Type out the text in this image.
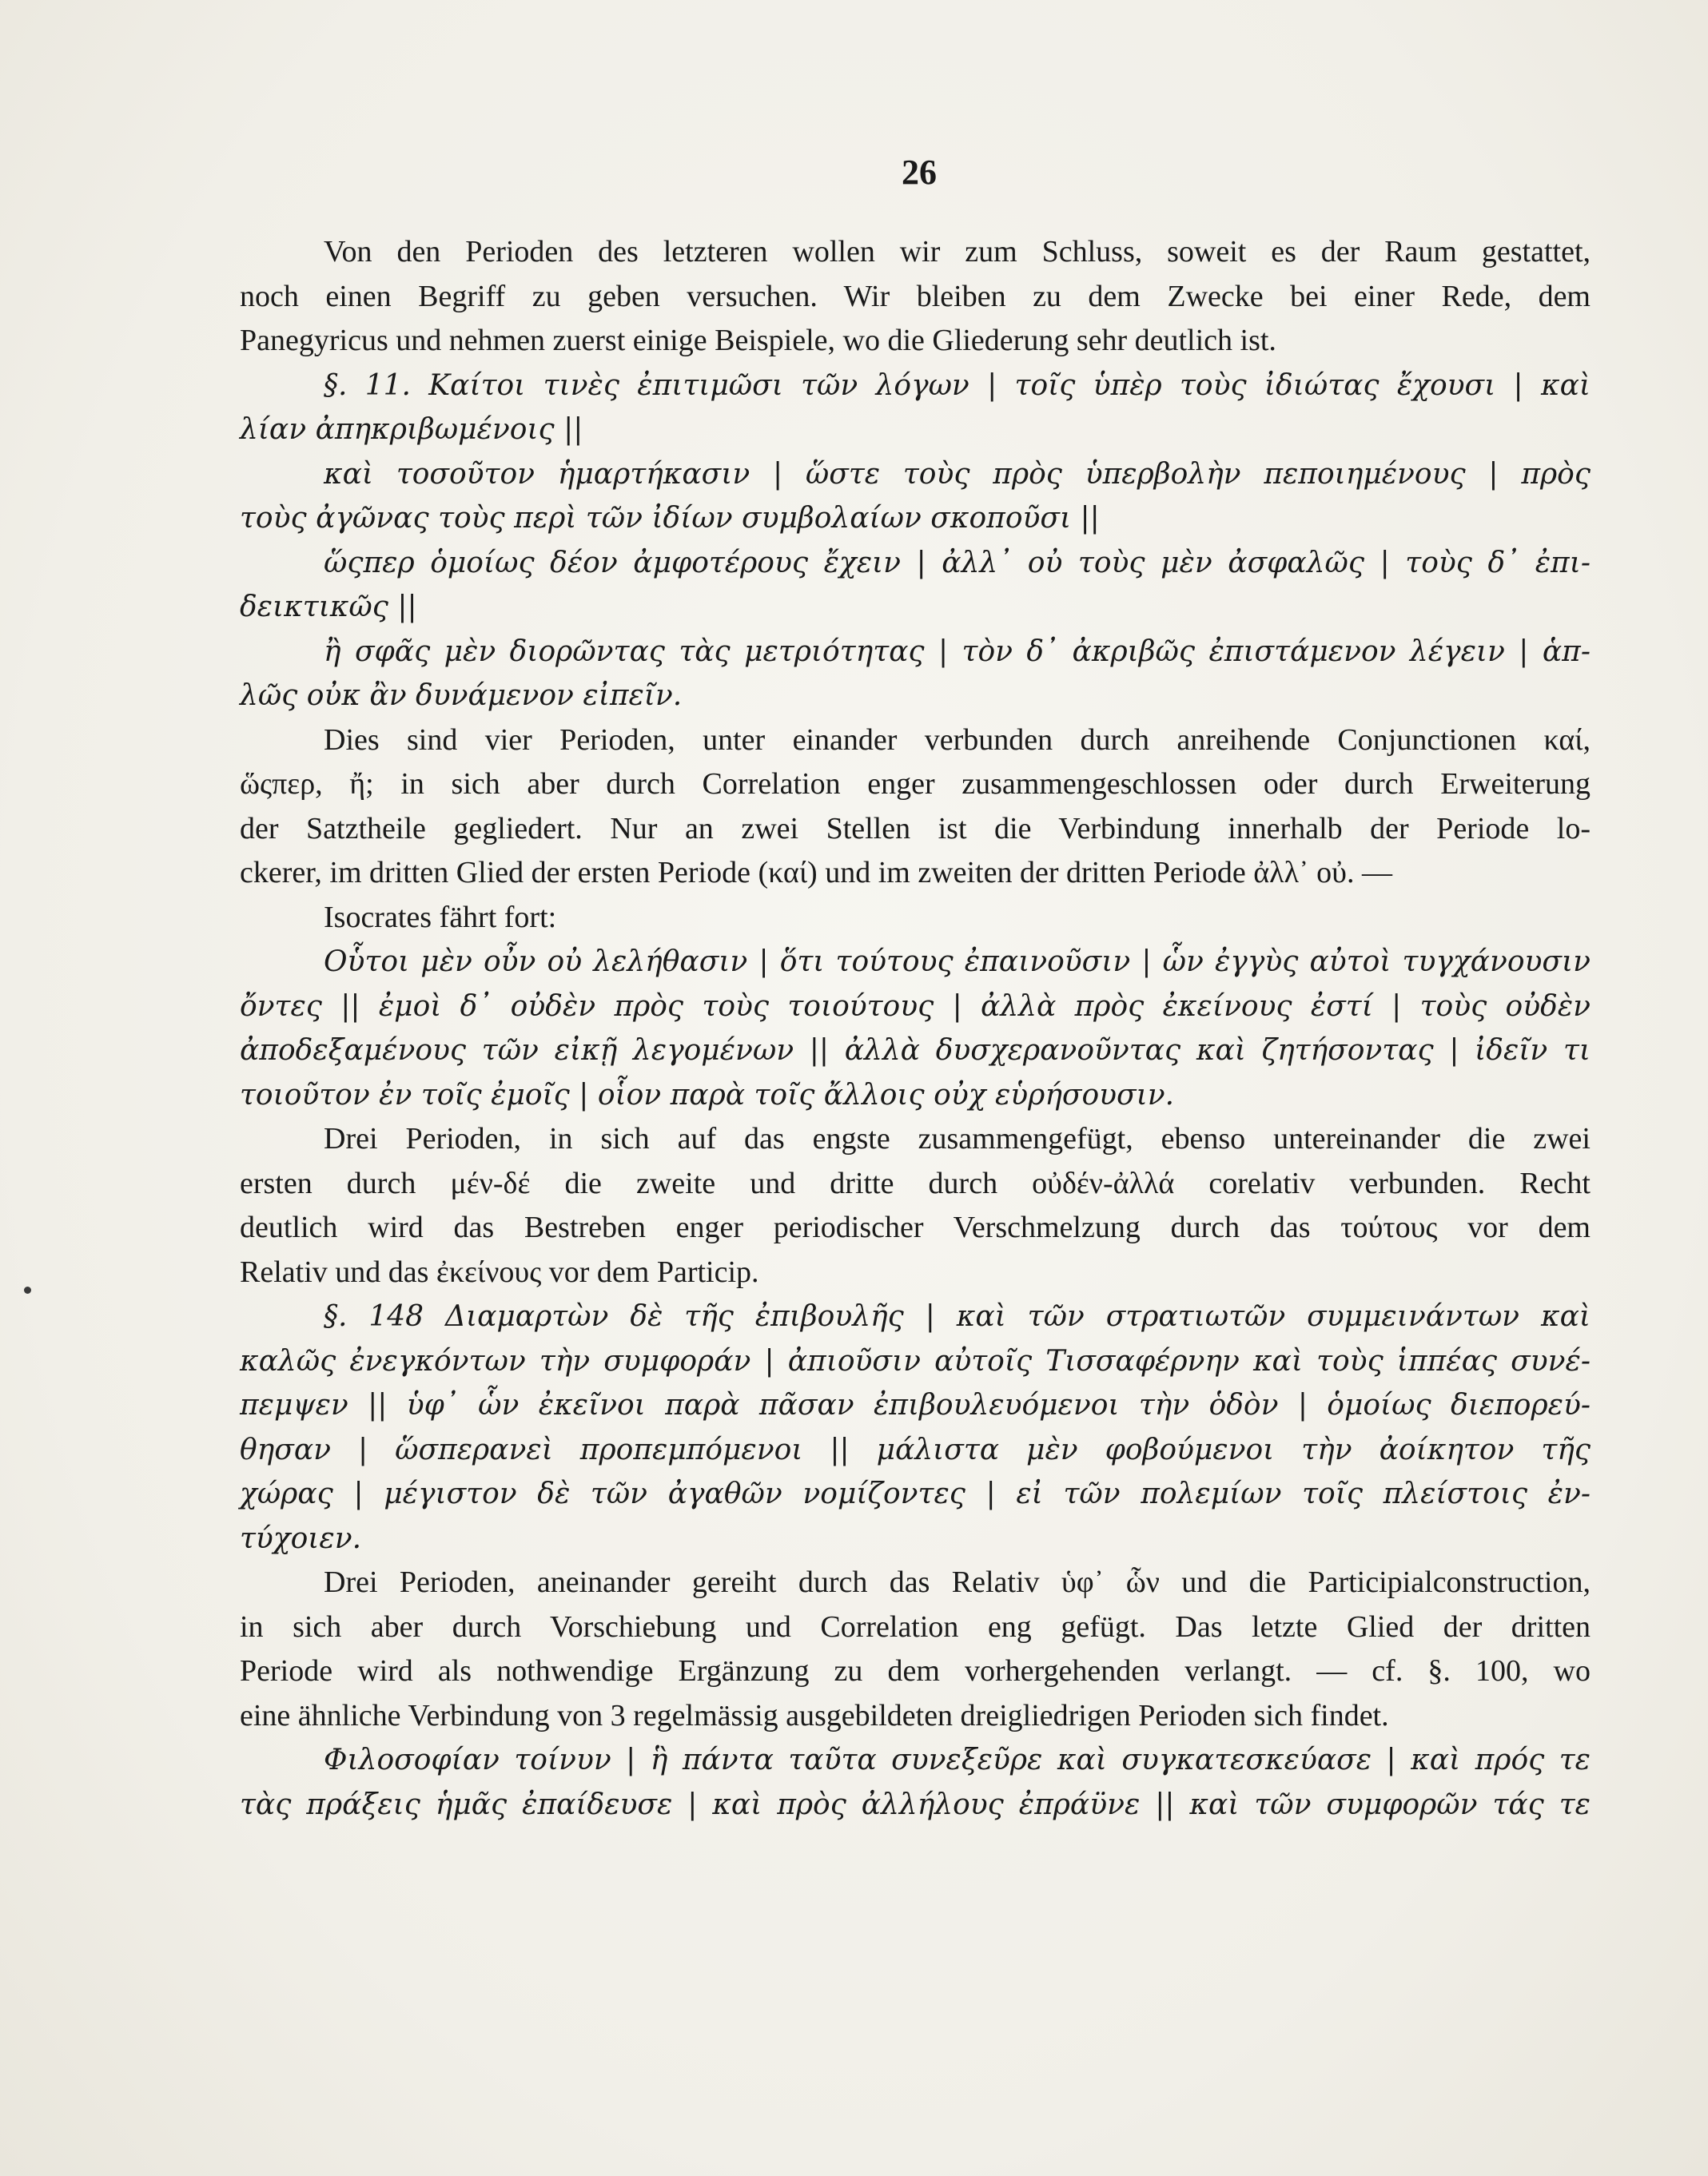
26
Von den Perioden des letzteren wollen wir zum Schluss, soweit es der Raum gestattet,
noch einen Begriff zu geben versuchen. Wir bleiben zu dem Zwecke bei einer Rede, dem
Panegyricus und nehmen zuerst einige Beispiele, wo die Gliederung sehr deutlich ist.
§. 11. Καίτοι τινὲς ἐπιτιμῶσι τῶν λόγων | τοῖς ὑπὲρ τοὺς ἰδιώτας ἔχουσι | καὶ
λίαν ἀπηκριβωμένοις ||
καὶ τοσοῦτον ἡμαρτήκασιν | ὥστε τοὺς πρὸς ὑπερβολὴν πεποιημένους | πρὸς
τοὺς ἀγῶνας τοὺς περὶ τῶν ἰδίων συμβολαίων σκοποῦσι ||
ὥςπερ ὁμοίως δέον ἀμφοτέρους ἔχειν | ἀλλ᾽ οὐ τοὺς μὲν ἀσφαλῶς | τοὺς δ᾽ ἐπι-
δεικτικῶς ||
ἢ σφᾶς μὲν διορῶντας τὰς μετριότητας | τὸν δ᾽ ἀκριβῶς ἐπιστάμενον λέγειν | ἁπ-
λῶς οὐκ ἂν δυνάμενον εἰπεῖν.
Dies sind vier Perioden, unter einander verbunden durch anreihende Conjunctionen καί,
ὥςπερ, ἤ; in sich aber durch Correlation enger zusammengeschlossen oder durch Erweiterung
der Satztheile gegliedert. Nur an zwei Stellen ist die Verbindung innerhalb der Periode lo-
ckerer, im dritten Glied der ersten Periode (καί) und im zweiten der dritten Periode ἀλλ᾽ οὐ. —
Isocrates fährt fort:
Οὗτοι μὲν οὖν οὐ λελήθασιν | ὅτι τούτους ἐπαινοῦσιν | ὧν ἐγγὺς αὐτοὶ τυγχάνουσιν
ὄντες || ἐμοὶ δ᾽ οὐδὲν πρὸς τοὺς τοιούτους | ἀλλὰ πρὸς ἐκείνους ἐστί | τοὺς οὐδὲν
ἀποδεξαμένους τῶν εἰκῇ λεγομένων || ἀλλὰ δυσχερανοῦντας καὶ ζητήσοντας | ἰδεῖν τι
τοιοῦτον ἐν τοῖς ἐμοῖς | οἷον παρὰ τοῖς ἄλλοις οὐχ εὑρήσουσιν.
Drei Perioden, in sich auf das engste zusammengefügt, ebenso untereinander die zwei
ersten durch μέν-δέ die zweite und dritte durch οὐδέν-ἀλλά corelativ verbunden. Recht
deutlich wird das Bestreben enger periodischer Verschmelzung durch das τούτους vor dem
Relativ und das ἐκείνους vor dem Particip.
§. 148 Διαμαρτὼν δὲ τῆς ἐπιβουλῆς | καὶ τῶν στρατιωτῶν συμμεινάντων καὶ
καλῶς ἐνεγκόντων τὴν συμφοράν | ἀπιοῦσιν αὐτοῖς Τισσαφέρνην καὶ τοὺς ἱππέας συνέ-
πεμψεν || ὑφ᾽ ὧν ἐκεῖνοι παρὰ πᾶσαν ἐπιβουλευόμενοι τὴν ὁδὸν | ὁμοίως διεπορεύ-
θησαν | ὥσπερανεὶ προπεμπόμενοι || μάλιστα μὲν φοβούμενοι τὴν ἀοίκητον τῆς
χώρας | μέγιστον δὲ τῶν ἀγαθῶν νομίζοντες | εἰ τῶν πολεμίων τοῖς πλείστοις ἐν-
τύχοιεν.
Drei Perioden, aneinander gereiht durch das Relativ ὑφ᾽ ὧν und die Participialconstruction,
in sich aber durch Vorschiebung und Correlation eng gefügt. Das letzte Glied der dritten
Periode wird als nothwendige Ergänzung zu dem vorhergehenden verlangt. — cf. §. 100, wo
eine ähnliche Verbindung von 3 regelmässig ausgebildeten dreigliedrigen Perioden sich findet.
Φιλοσοφίαν τοίνυν | ἣ πάντα ταῦτα συνεξεῦρε καὶ συγκατεσκεύασε | καὶ πρός τε
τὰς πράξεις ἡμᾶς ἐπαίδευσε | καὶ πρὸς ἀλλήλους ἐπράϋνε || καὶ τῶν συμφορῶν τάς τε
